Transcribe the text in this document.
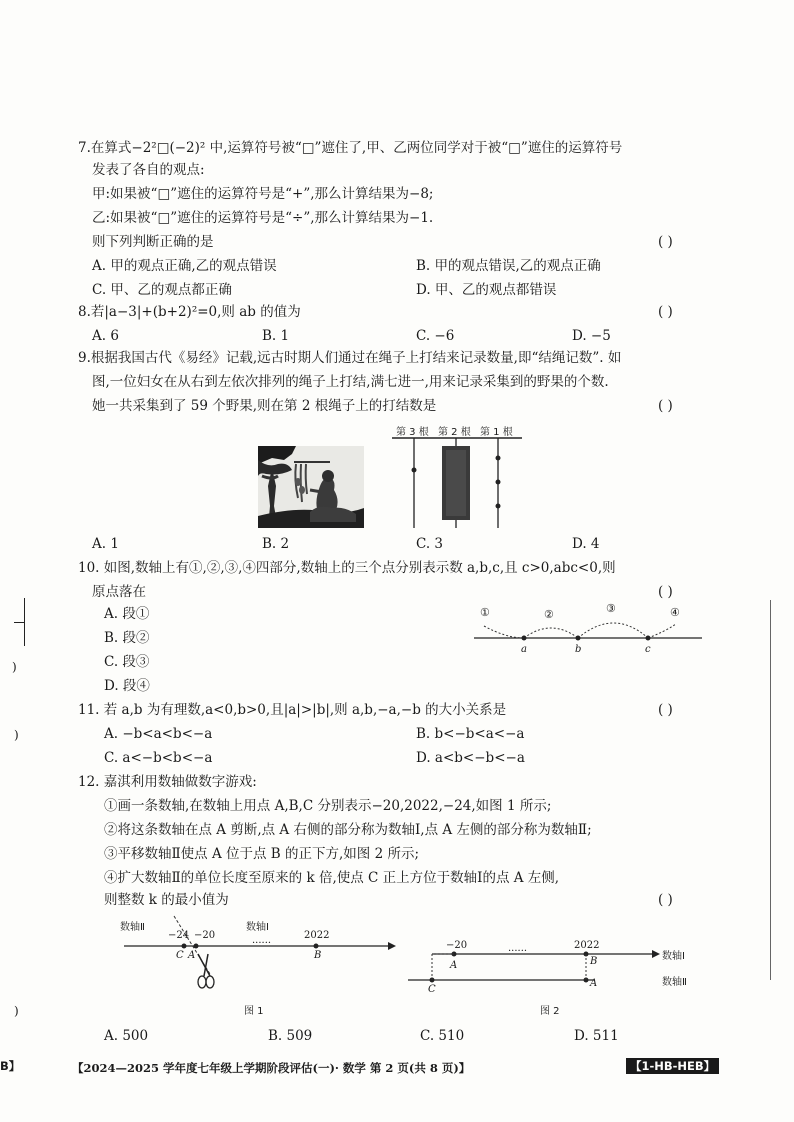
7.在算式−2²□(−2)² 中,运算符号被“□”遮住了,甲、乙两位同学对于被“□”遮住的运算符号
发表了各自的观点:
甲:如果被“□”遮住的运算符号是“+”,那么计算结果为−8;
乙:如果被“□”遮住的运算符号是“÷”,那么计算结果为−1.
则下列判断正确的是	( )
A. 甲的观点正确,乙的观点错误	B. 甲的观点错误,乙的观点正确
C. 甲、乙的观点都正确	D. 甲、乙的观点都错误
8.若|a−3|+(b+2)²=0,则 ab 的值为	( )
A. 6	B. 1	C. −6	D. −5
9.根据我国古代《易经》记载,远古时期人们通过在绳子上打结来记录数量,即“结绳记数”. 如
图,一位妇女在从右到左依次排列的绳子上打结,满七进一,用来记录采集到的野果的个数.
她一共采集到了 59 个野果,则在第 2 根绳子上的打结数是	( )
第 3 根 第 2 根 第 1 根
A. 1	B. 2	C. 3	D. 4
10. 如图,数轴上有①,②,③,④四部分,数轴上的三个点分别表示数 a,b,c,且 c>0,abc<0,则
原点落在	( )
A. 段①
B. 段②
C. 段③
D. 段④
①	②	③	④
a	b	c
11. 若 a,b 为有理数,a<0,b>0,且|a|>|b|,则 a,b,−a,−b 的大小关系是	( )
A. −b<a<b<−a	B. b<−b<a<−a
C. a<−b<b<−a	D. a<b<−b<−a
12. 嘉淇利用数轴做数字游戏:
①画一条数轴,在数轴上用点 A,B,C 分别表示−20,2022,−24,如图 1 所示;
②将这条数轴在点 A 剪断,点 A 右侧的部分称为数轴Ⅰ,点 A 左侧的部分称为数轴Ⅱ;
③平移数轴Ⅱ使点 A 位于点 B 的正下方,如图 2 所示;
④扩大数轴Ⅱ的单位长度至原来的 k 倍,使点 C 正上方位于数轴Ⅰ的点 A 左侧,
则整数 k 的最小值为	( )
数轴Ⅱ	数轴Ⅰ
−24 −20	2022
C A	B
······
图 1
−20	2022
······
A	B
C
A
数轴Ⅰ
数轴Ⅱ
图 2
A. 500	B. 509	C. 510	D. 511
)
)
)
B】	【2024—2025 学年度七年级上学期阶段评估(一)· 数学 第 2 页(共 8 页)】	【1-HB-HEB】
